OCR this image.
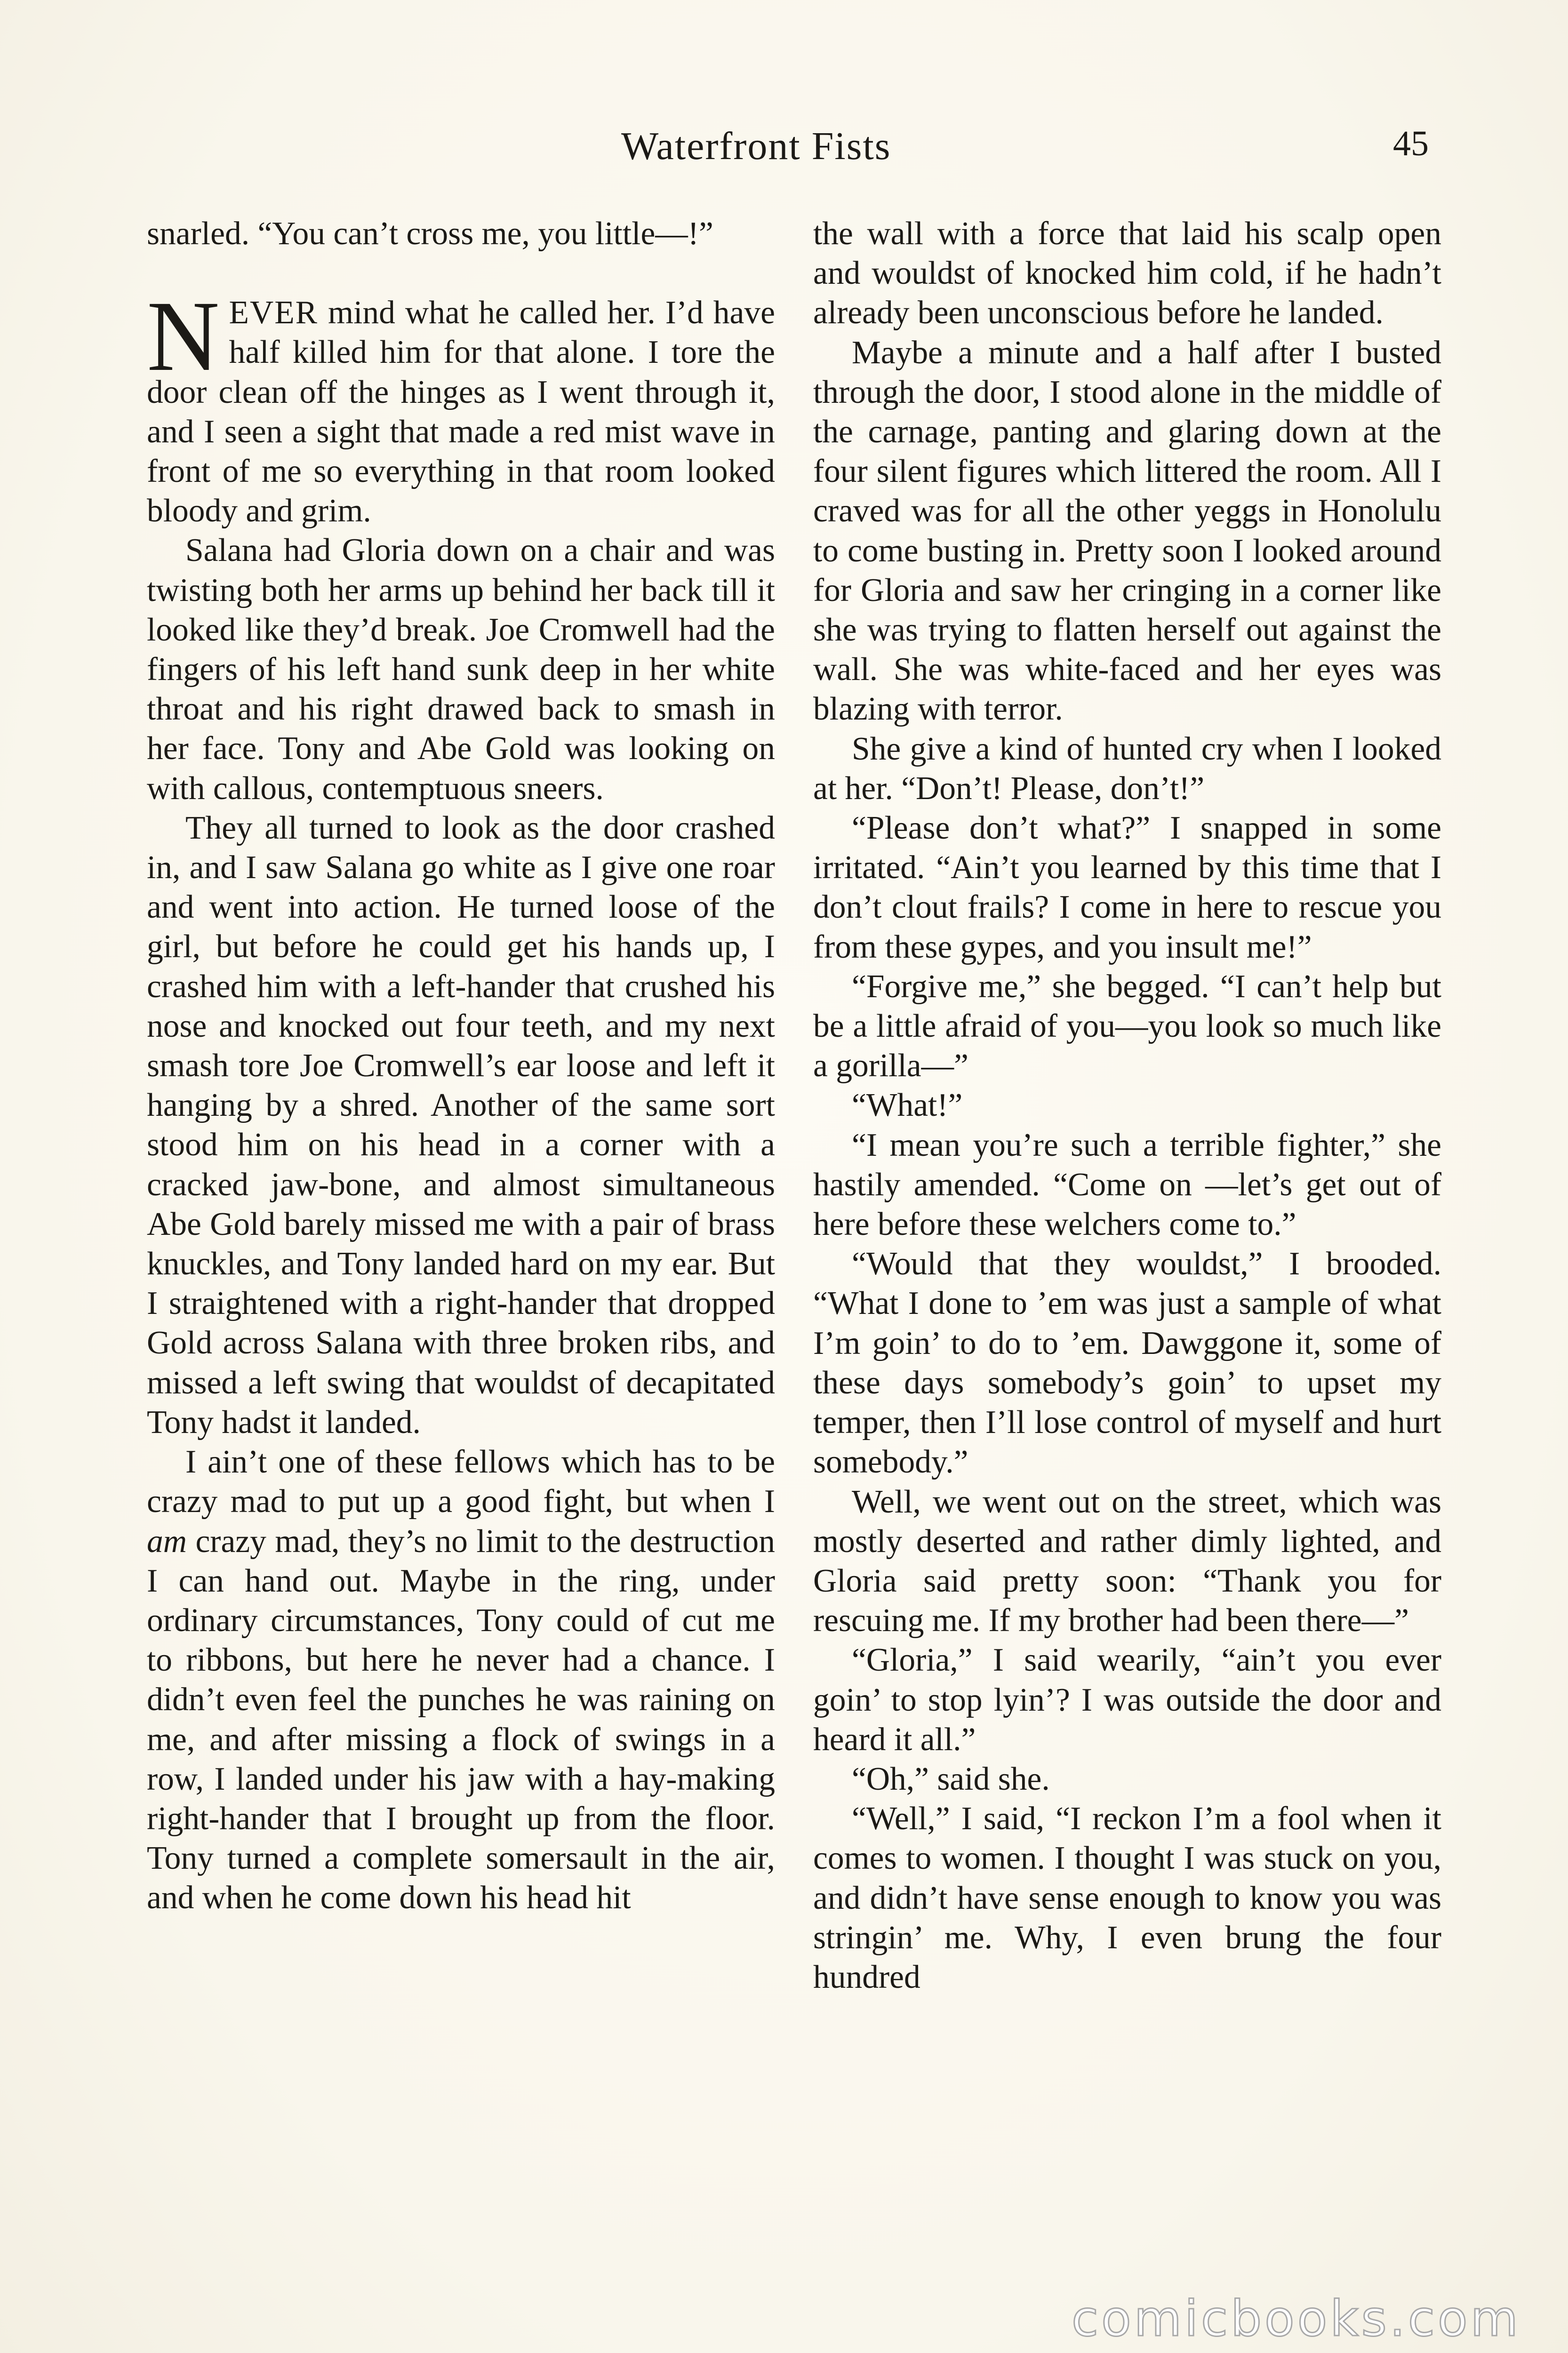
Waterfront Fists	45

snarled. “You can’t cross me, you little—!”

NEVER mind what he called her. I’d have half killed him for that alone. I tore the door clean off the hinges as I went through it, and I seen a sight that made a red mist wave in front of me so everything in that room looked bloody and grim.

Salana had Gloria down on a chair and was twisting both her arms up behind her back till it looked like they’d break. Joe Cromwell had the fingers of his left hand sunk deep in her white throat and his right drawed back to smash in her face. Tony and Abe Gold was looking on with callous, contemptuous sneers.

They all turned to look as the door crashed in, and I saw Salana go white as I give one roar and went into action. He turned loose of the girl, but before he could get his hands up, I crashed him with a left-hander that crushed his nose and knocked out four teeth, and my next smash tore Joe Cromwell’s ear loose and left it hanging by a shred. Another of the same sort stood him on his head in a corner with a cracked jaw-bone, and almost simultaneous Abe Gold barely missed me with a pair of brass knuckles, and Tony landed hard on my ear. But I straightened with a right-hander that dropped Gold across Salana with three broken ribs, and missed a left swing that wouldst of decapitated Tony hadst it landed.

I ain’t one of these fellows which has to be crazy mad to put up a good fight, but when I am crazy mad, they’s no limit to the destruction I can hand out. Maybe in the ring, under ordinary circumstances, Tony could of cut me to ribbons, but here he never had a chance. I didn’t even feel the punches he was raining on me, and after missing a flock of swings in a row, I landed under his jaw with a hay-making right-hander that I brought up from the floor. Tony turned a complete somersault in the air, and when he come down his head hit

the wall with a force that laid his scalp open and wouldst of knocked him cold, if he hadn’t already been unconscious before he landed.

Maybe a minute and a half after I busted through the door, I stood alone in the middle of the carnage, panting and glaring down at the four silent figures which littered the room. All I craved was for all the other yeggs in Honolulu to come busting in. Pretty soon I looked around for Gloria and saw her cringing in a corner like she was trying to flatten herself out against the wall. She was white-faced and her eyes was blazing with terror.

She give a kind of hunted cry when I looked at her. “Don’t! Please, don’t!”

“Please don’t what?” I snapped in some irritated. “Ain’t you learned by this time that I don’t clout frails? I come in here to rescue you from these gypes, and you insult me!”

“Forgive me,” she begged. “I can’t help but be a little afraid of you—you look so much like a gorilla—”

“What!”

“I mean you’re such a terrible fighter,” she hastily amended. “Come on —let’s get out of here before these welchers come to.”

“Would that they wouldst,” I brooded. “What I done to ’em was just a sample of what I’m goin’ to do to ’em. Dawggone it, some of these days somebody’s goin’ to upset my temper, then I’ll lose control of myself and hurt somebody.”

Well, we went out on the street, which was mostly deserted and rather dimly lighted, and Gloria said pretty soon: “Thank you for rescuing me. If my brother had been there—”

“Gloria,” I said wearily, “ain’t you ever goin’ to stop lyin’? I was outside the door and heard it all.”

“Oh,” said she.

“Well,” I said, “I reckon I’m a fool when it comes to women. I thought I was stuck on you, and didn’t have sense enough to know you was stringin’ me. Why, I even brung the four hundred

comicbooks.com
